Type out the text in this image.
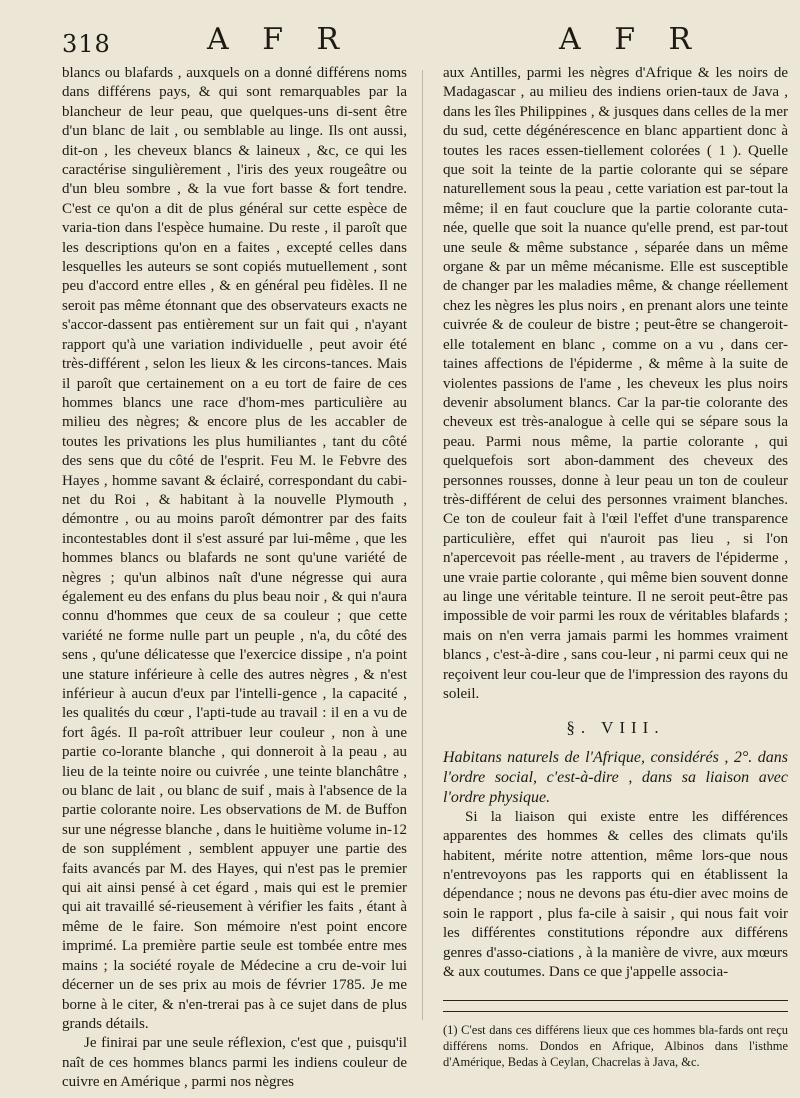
318	A F R	A F R

blancs ou blafards , auxquels on a donné différens noms dans différens pays, & qui sont remarquables par la blancheur de leur peau, que quelques-uns di-sent être d'un blanc de lait , ou semblable au linge. Ils ont aussi, dit-on , les cheveux blancs & laineux , &c, ce qui les caractérise singulièrement , l'iris des yeux rougeâtre ou d'un bleu sombre , & la vue fort basse & fort tendre. C'est ce qu'on a dit de plus général sur cette espèce de varia-tion dans l'espèce humaine. Du reste , il paroît que les descriptions qu'on en a faites , excepté celles dans lesquelles les auteurs se sont copiés mutuellement , sont peu d'accord entre elles , & en général peu fidèles. Il ne seroit pas même étonnant que des observateurs exacts ne s'accor-dassent pas entièrement sur un fait qui , n'ayant rapport qu'à une variation individuelle , peut avoir été très-différent , selon les lieux & les circons-tances. Mais il paroît que certainement on a eu tort de faire de ces hommes blancs une race d'hom-mes particulière au milieu des nègres; & encore plus de les accabler de toutes les privations les plus humiliantes , tant du côté des sens que du côté de l'esprit. Feu M. le Febvre des Hayes , homme savant & éclairé, correspondant du cabi-net du Roi , & habitant à la nouvelle Plymouth , démontre , ou au moins paroît démontrer par des faits incontestables dont il s'est assuré par lui-même , que les hommes blancs ou blafards ne sont qu'une variété de nègres ; qu'un albinos naît d'une négresse qui aura également eu des enfans du plus beau noir , & qui n'aura connu d'hommes que ceux de sa couleur ; que cette variété ne forme nulle part un peuple , n'a, du côté des sens , qu'une délicatesse que l'exercice dissipe , n'a point une stature inférieure à celle des autres nègres , & n'est inférieur à aucun d'eux par l'intelli-gence , la capacité , les qualités du cœur , l'apti-tude au travail : il en a vu de fort âgés. Il pa-roît attribuer leur couleur , non à une partie co-lorante blanche , qui donneroit à la peau , au lieu de la teinte noire ou cuivrée , une teinte blanchâtre , ou blanc de lait , ou blanc de suif , mais à l'absence de la partie colorante noire. Les observations de M. de Buffon sur une négresse blanche , dans le huitième volume in-12 de son supplément , semblent appuyer une partie des faits avancés par M. des Hayes, qui n'est pas le premier qui ait ainsi pensé à cet égard , mais qui est le premier qui ait travaillé sé-rieusement à vérifier les faits , étant à même de le faire. Son mémoire n'est point encore imprimé. La première partie seule est tombée entre mes mains ; la société royale de Médecine a cru de-voir lui décerner un de ses prix au mois de février 1785. Je me borne à le citer, & n'en-trerai pas à ce sujet dans de plus grands détails.

Je finirai par une seule réflexion, c'est que , puisqu'il naît de ces hommes blancs parmi les indiens couleur de cuivre en Amérique , parmi nos nègres

aux Antilles, parmi les nègres d'Afrique & les noirs de Madagascar , au milieu des indiens orien-taux de Java , dans les îles Philippines , & jusques dans celles de la mer du sud, cette dégénérescence en blanc appartient donc à toutes les races essen-tiellement colorées ( 1 ). Quelle que soit la teinte de la partie colorante qui se sépare naturellement sous la peau , cette variation est par-tout la même; il en faut couclure que la partie colorante cuta-née, quelle que soit la nuance qu'elle prend, est par-tout une seule & même substance , séparée dans un même organe & par un même mécanisme. Elle est susceptible de changer par les maladies même, & change réellement chez les nègres les plus noirs , en prenant alors une teinte cuivrée & de couleur de bistre ; peut-être se changeroit-elle totalement en blanc , comme on a vu , dans cer-taines affections de l'épiderme , & même à la suite de violentes passions de l'ame , les cheveux les plus noirs devenir absolument blancs. Car la par-tie colorante des cheveux est très-analogue à celle qui se sépare sous la peau. Parmi nous même, la partie colorante , qui quelquefois sort abon-damment des cheveux des personnes rousses, donne à leur peau un ton de couleur très-différent de celui des personnes vraiment blanches. Ce ton de couleur fait à l'œil l'effet d'une transparence particulière, effet qui n'auroit pas lieu , si l'on n'apercevoit pas réelle-ment , au travers de l'épiderme , une vraie partie colorante , qui même bien souvent donne au linge une véritable teinture. Il ne seroit peut-être pas impossible de voir parmi les roux de véritables blafards ; mais on n'en verra jamais parmi les hommes vraiment blancs , c'est-à-dire , sans cou-leur , ni parmi ceux qui ne reçoivent leur cou-leur que de l'impression des rayons du soleil.

§. VIII.

Habitans naturels de l'Afrique, considérés , 2°. dans l'ordre social, c'est-à-dire , dans sa liaison avec l'ordre physique.

Si la liaison qui existe entre les différences apparentes des hommes & celles des climats qu'ils habitent, mérite notre attention, même lors-que nous n'entrevoyons pas les rapports qui en établissent la dépendance ; nous ne devons pas étu-dier avec moins de soin le rapport , plus fa-cile à saisir , qui nous fait voir les différentes constitutions répondre aux différens genres d'asso-ciations , à la manière de vivre, aux mœurs & aux coutumes. Dans ce que j'appelle associa-

(1) C'est dans ces différens lieux que ces hommes bla-fards ont reçu différens noms. Dondos en Afrique, Albinos dans l'isthme d'Amérique, Bedas à Ceylan, Chacrelas à Java, &c.
